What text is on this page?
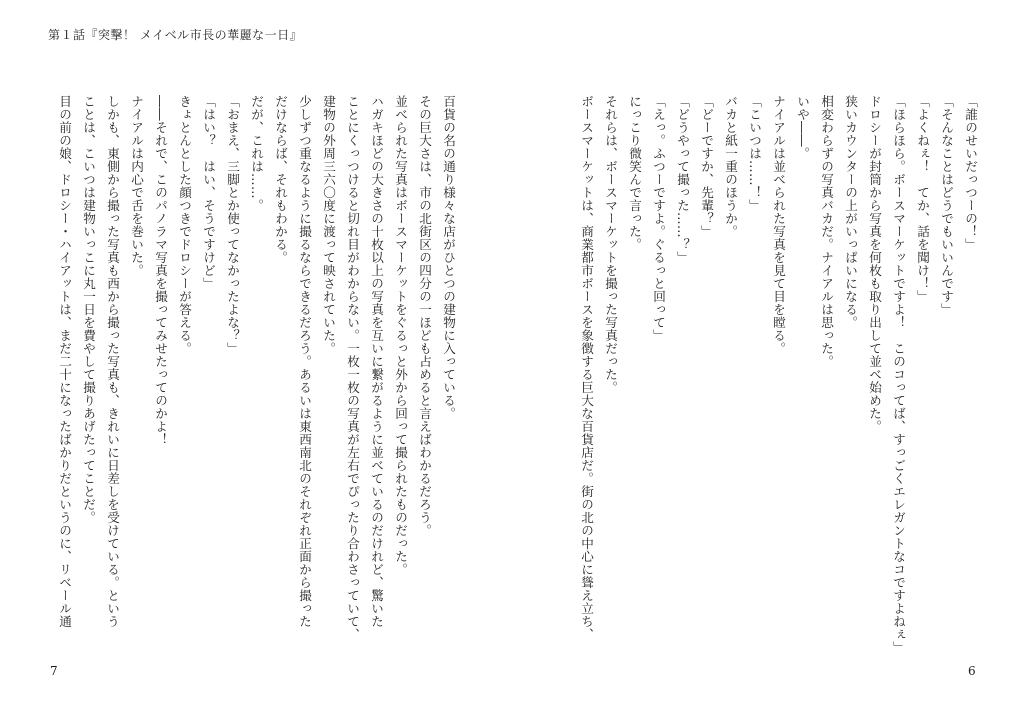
第１話『突撃！ メイベル市長の華麗な一日』

百貨の名の通り様々な店がひとつの建物に入っている。

その巨大さは、市の北街区の四分の一ほども占めると言えばわかるだろう。

並べられた写真はボースマーケットをぐるっと外から回って撮られたものだった。

ハガキほどの大きさの十枚以上の写真を互いに繋がるように並べているのだけれど、驚いた

ことにくっつけると切れ目がわからない。一枚一枚の写真が左右でぴったり合わさっていて、

建物の外周三六〇度に渡って映されていた。

少しずつ重なるように撮るならできるだろう。あるいは東西南北のそれぞれ正面から撮った

だけならば、それもわかる。

だが、これは……。

「おまえ、三脚とか使ってなかったよな？」

「はい？　はい、そうですけど」

きょとんとした顔つきでドロシーが答える。

――それで、このパノラマ写真を撮ってみせたってのかよ！

ナイアルは内心で舌を巻いた。

しかも、東側から撮った写真も西から撮った写真も、きれいに日差しを受けている。という

ことは、こいつは建物いっこに丸一日を費やして撮りあげたってことだ。

目の前の娘、ドロシー・ハイアットは、まだ二十になったばかりだというのに、リベール通

7

「誰のせいだっつーの！」

「そんなことはどうでもいいんです」

「よくねぇ！　てか、話を聞け！」

「ほらほら。ボースマーケットですよ！　このコってば、すっごくエレガントなコですよねぇ」

ドロシーが封筒から写真を何枚も取り出して並べ始めた。

狭いカウンターの上がいっぱいになる。

相変わらずの写真バカだ。ナイアルは思った。

いや――。

ナイアルは並べられた写真を見て目を瞠る。

「こいつは……！」

バカと紙一重のほうか。

「どーですか、先輩？」

「どうやって撮った……？」

「えっ。ふつーですよ。ぐるっと回って」

にっこり微笑んで言った。

それらは、ボースマーケットを撮った写真だった。

ボースマーケットは、商業都市ボースを象徴する巨大な百貨店だ。街の北の中心に聳え立ち、

6
